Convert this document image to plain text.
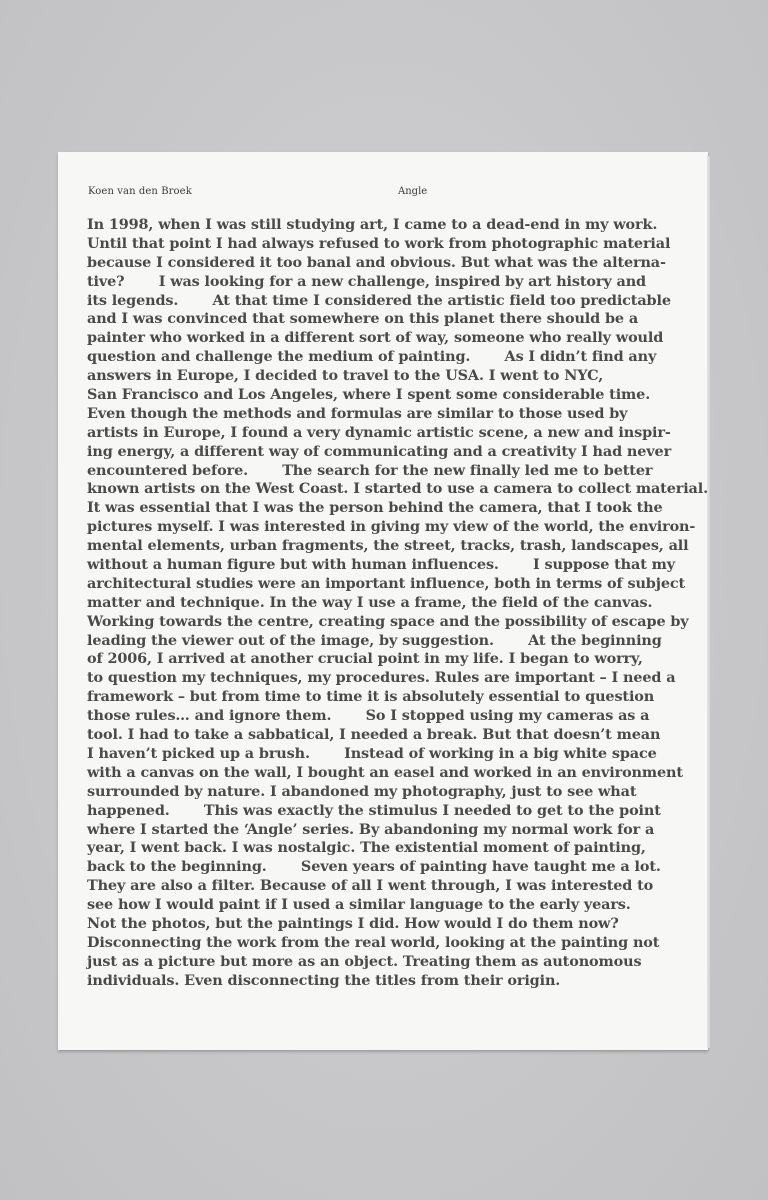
Koen van den Broek	Angle
In 1998, when I was still studying art, I came to a dead-end in my work.
Until that point I had always refused to work from photographic material
because I considered it too banal and obvious. But what was the alterna-
tive?       I was looking for a new challenge, inspired by art history and
its legends.       At that time I considered the artistic field too predictable
and I was convinced that somewhere on this planet there should be a
painter who worked in a different sort of way, someone who really would
question and challenge the medium of painting.       As I didn’t find any
answers in Europe, I decided to travel to the USA. I went to NYC,
San Francisco and Los Angeles, where I spent some considerable time.
Even though the methods and formulas are similar to those used by
artists in Europe, I found a very dynamic artistic scene, a new and inspir-
ing energy, a different way of communicating and a creativity I had never
encountered before.       The search for the new finally led me to better
known artists on the West Coast. I started to use a camera to collect material.
It was essential that I was the person behind the camera, that I took the
pictures myself. I was interested in giving my view of the world, the environ-
mental elements, urban fragments, the street, tracks, trash, landscapes, all
without a human figure but with human influences.       I suppose that my
architectural studies were an important influence, both in terms of subject
matter and technique. In the way I use a frame, the field of the canvas.
Working towards the centre, creating space and the possibility of escape by
leading the viewer out of the image, by suggestion.       At the beginning
of 2006, I arrived at another crucial point in my life. I began to worry,
to question my techniques, my procedures. Rules are important – I need a
framework – but from time to time it is absolutely essential to question
those rules… and ignore them.       So I stopped using my cameras as a
tool. I had to take a sabbatical, I needed a break. But that doesn’t mean
I haven’t picked up a brush.       Instead of working in a big white space
with a canvas on the wall, I bought an easel and worked in an environment
surrounded by nature. I abandoned my photography, just to see what
happened.       This was exactly the stimulus I needed to get to the point
where I started the ‘Angle’ series. By abandoning my normal work for a
year, I went back. I was nostalgic. The existential moment of painting,
back to the beginning.       Seven years of painting have taught me a lot.
They are also a filter. Because of all I went through, I was interested to
see how I would paint if I used a similar language to the early years.
Not the photos, but the paintings I did. How would I do them now?
Disconnecting the work from the real world, looking at the painting not
just as a picture but more as an object. Treating them as autonomous
individuals. Even disconnecting the titles from their origin.
